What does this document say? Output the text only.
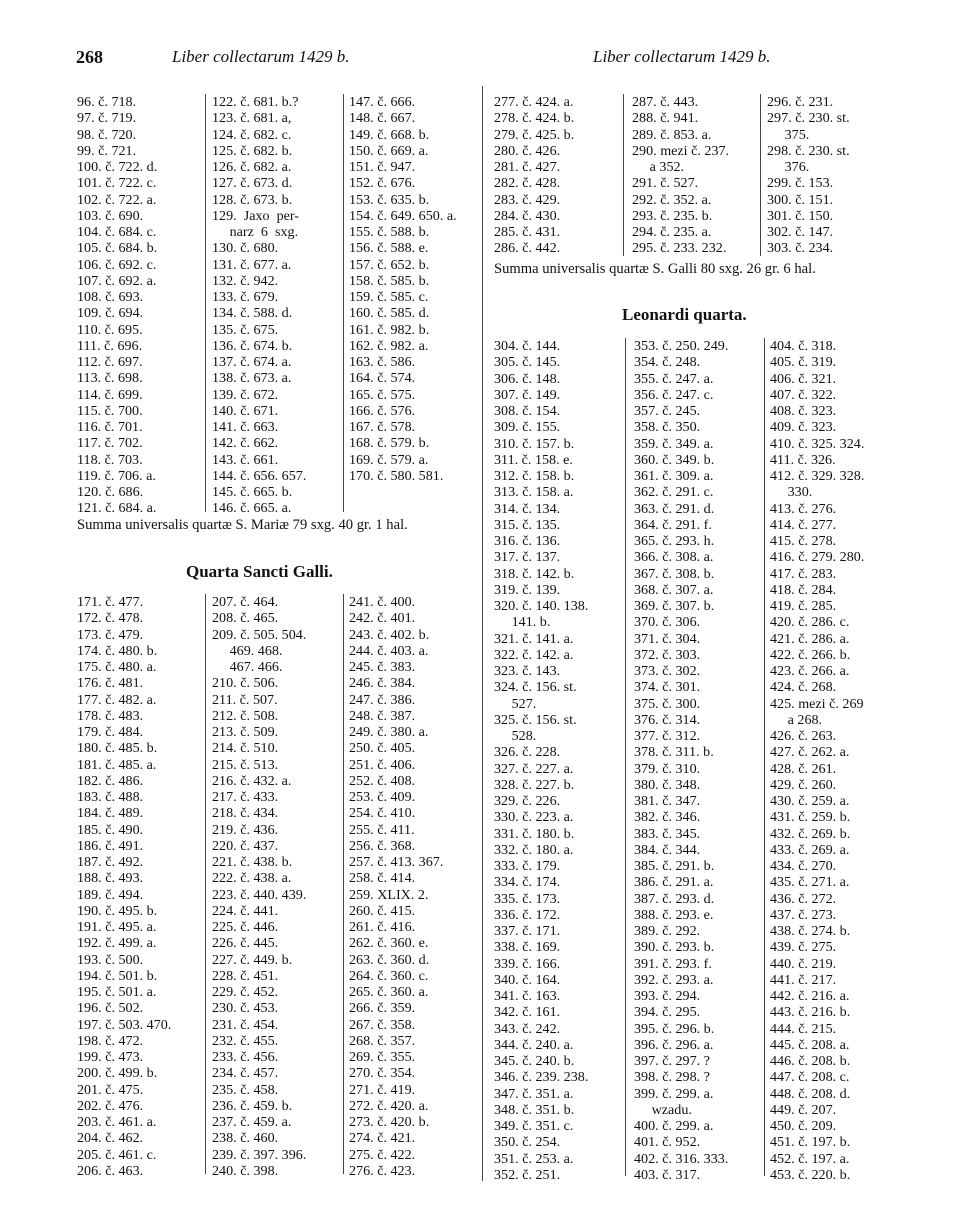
268	Liber collectarum 1429 b.	Liber collectarum 1429 b.
96. č. 718.
97. č. 719.
98. č. 720.
99. č. 721.
100. č. 722. d.
101. č. 722. c.
102. č. 722. a.
103. č. 690.
104. č. 684. c.
105. č. 684. b.
106. č. 692. c.
107. č. 692. a.
108. č. 693.
109. č. 694.
110. č. 695.
111. č. 696.
112. č. 697.
113. č. 698.
114. č. 699.
115. č. 700.
116. č. 701.
117. č. 702.
118. č. 703.
119. č. 706. a.
120. č. 686.
121. č. 684. a.
122. č. 681. b.?
123. č. 681. a,
124. č. 682. c.
125. č. 682. b.
126. č. 682. a.
127. č. 673. d.
128. č. 673. b.
129.  Jaxo  per-
narz  6  sxg.
130. č. 680.
131. č. 677. a.
132. č. 942.
133. č. 679.
134. č. 588. d.
135. č. 675.
136. č. 674. b.
137. č. 674. a.
138. č. 673. a.
139. č. 672.
140. č. 671.
141. č. 663.
142. č. 662.
143. č. 661.
144. č. 656. 657.
145. č. 665. b.
146. č. 665. a.
147. č. 666.
148. č. 667.
149. č. 668. b.
150. č. 669. a.
151. č. 947.
152. č. 676.
153. č. 635. b.
154. č. 649. 650. a.
155. č. 588. b.
156. č. 588. e.
157. č. 652. b.
158. č. 585. b.
159. č. 585. c.
160. č. 585. d.
161. č. 982. b.
162. č. 982. a.
163. č. 586.
164. č. 574.
165. č. 575.
166. č. 576.
167. č. 578.
168. č. 579. b.
169. č. 579. a.
170. č. 580. 581.
Summa universalis quartæ S. Mariæ 79 sxg. 40 gr. 1 hal.
Quarta Sancti Galli.
171. č. 477.
172. č. 478.
173. č. 479.
174. č. 480. b.
175. č. 480. a.
176. č. 481.
177. č. 482. a.
178. č. 483.
179. č. 484.
180. č. 485. b.
181. č. 485. a.
182. č. 486.
183. č. 488.
184. č. 489.
185. č. 490.
186. č. 491.
187. č. 492.
188. č. 493.
189. č. 494.
190. č. 495. b.
191. č. 495. a.
192. č. 499. a.
193. č. 500.
194. č. 501. b.
195. č. 501. a.
196. č. 502.
197. č. 503. 470.
198. č. 472.
199. č. 473.
200. č. 499. b.
201. č. 475.
202. č. 476.
203. č. 461. a.
204. č. 462.
205. č. 461. c.
206. č. 463.
207. č. 464.
208. č. 465.
209. č. 505. 504.
469. 468.
467. 466.
210. č. 506.
211. č. 507.
212. č. 508.
213. č. 509.
214. č. 510.
215. č. 513.
216. č. 432. a.
217. č. 433.
218. č. 434.
219. č. 436.
220. č. 437.
221. č. 438. b.
222. č. 438. a.
223. č. 440. 439.
224. č. 441.
225. č. 446.
226. č. 445.
227. č. 449. b.
228. č. 451.
229. č. 452.
230. č. 453.
231. č. 454.
232. č. 455.
233. č. 456.
234. č. 457.
235. č. 458.
236. č. 459. b.
237. č. 459. a.
238. č. 460.
239. č. 397. 396.
240. č. 398.
241. č. 400.
242. č. 401.
243. č. 402. b.
244. č. 403. a.
245. č. 383.
246. č. 384.
247. č. 386.
248. č. 387.
249. č. 380. a.
250. č. 405.
251. č. 406.
252. č. 408.
253. č. 409.
254. č. 410.
255. č. 411.
256. č. 368.
257. č. 413. 367.
258. č. 414.
259. XLIX. 2.
260. č. 415.
261. č. 416.
262. č. 360. e.
263. č. 360. d.
264. č. 360. c.
265. č. 360. a.
266. č. 359.
267. č. 358.
268. č. 357.
269. č. 355.
270. č. 354.
271. č. 419.
272. č. 420. a.
273. č. 420. b.
274. č. 421.
275. č. 422.
276. č. 423.
277. č. 424. a.
278. č. 424. b.
279. č. 425. b.
280. č. 426.
281. č. 427.
282. č. 428.
283. č. 429.
284. č. 430.
285. č. 431.
286. č. 442.
287. č. 443.
288. č. 941.
289. č. 853. a.
290. mezi č. 237.
a 352.
291. č. 527.
292. č. 352. a.
293. č. 235. b.
294. č. 235. a.
295. č. 233. 232.
296. č. 231.
297. č. 230. st.
375.
298. č. 230. st.
376.
299. č. 153.
300. č. 151.
301. č. 150.
302. č. 147.
303. č. 234.
Summa universalis quartæ S. Galli 80 sxg. 26 gr. 6 hal.
Leonardi quarta.
304. č. 144.
305. č. 145.
306. č. 148.
307. č. 149.
308. č. 154.
309. č. 155.
310. č. 157. b.
311. č. 158. e.
312. č. 158. b.
313. č. 158. a.
314. č. 134.
315. č. 135.
316. č. 136.
317. č. 137.
318. č. 142. b.
319. č. 139.
320. č. 140. 138.
141. b.
321. č. 141. a.
322. č. 142. a.
323. č. 143.
324. č. 156. st.
527.
325. č. 156. st.
528.
326. č. 228.
327. č. 227. a.
328. č. 227. b.
329. č. 226.
330. č. 223. a.
331. č. 180. b.
332. č. 180. a.
333. č. 179.
334. č. 174.
335. č. 173.
336. č. 172.
337. č. 171.
338. č. 169.
339. č. 166.
340. č. 164.
341. č. 163.
342. č. 161.
343. č. 242.
344. č. 240. a.
345. č. 240. b.
346. č. 239. 238.
347. č. 351. a.
348. č. 351. b.
349. č. 351. c.
350. č. 254.
351. č. 253. a.
352. č. 251.
353. č. 250. 249.
354. č. 248.
355. č. 247. a.
356. č. 247. c.
357. č. 245.
358. č. 350.
359. č. 349. a.
360. č. 349. b.
361. č. 309. a.
362. č. 291. c.
363. č. 291. d.
364. č. 291. f.
365. č. 293. h.
366. č. 308. a.
367. č. 308. b.
368. č. 307. a.
369. č. 307. b.
370. č. 306.
371. č. 304.
372. č. 303.
373. č. 302.
374. č. 301.
375. č. 300.
376. č. 314.
377. č. 312.
378. č. 311. b.
379. č. 310.
380. č. 348.
381. č. 347.
382. č. 346.
383. č. 345.
384. č. 344.
385. č. 291. b.
386. č. 291. a.
387. č. 293. d.
388. č. 293. e.
389. č. 292.
390. č. 293. b.
391. č. 293. f.
392. č. 293. a.
393. č. 294.
394. č. 295.
395. č. 296. b.
396. č. 296. a.
397. č. 297. ?
398. č. 298. ?
399. č. 299. a.
wzadu.
400. č. 299. a.
401. č. 952.
402. č. 316. 333.
403. č. 317.
404. č. 318.
405. č. 319.
406. č. 321.
407. č. 322.
408. č. 323.
409. č. 323.
410. č. 325. 324.
411. č. 326.
412. č. 329. 328.
330.
413. č. 276.
414. č. 277.
415. č. 278.
416. č. 279. 280.
417. č. 283.
418. č. 284.
419. č. 285.
420. č. 286. c.
421. č. 286. a.
422. č. 266. b.
423. č. 266. a.
424. č. 268.
425. mezi č. 269
a 268.
426. č. 263.
427. č. 262. a.
428. č. 261.
429. č. 260.
430. č. 259. a.
431. č. 259. b.
432. č. 269. b.
433. č. 269. a.
434. č. 270.
435. č. 271. a.
436. č. 272.
437. č. 273.
438. č. 274. b.
439. č. 275.
440. č. 219.
441. č. 217.
442. č. 216. a.
443. č. 216. b.
444. č. 215.
445. č. 208. a.
446. č. 208. b.
447. č. 208. c.
448. č. 208. d.
449. č. 207.
450. č. 209.
451. č. 197. b.
452. č. 197. a.
453. č. 220. b.
